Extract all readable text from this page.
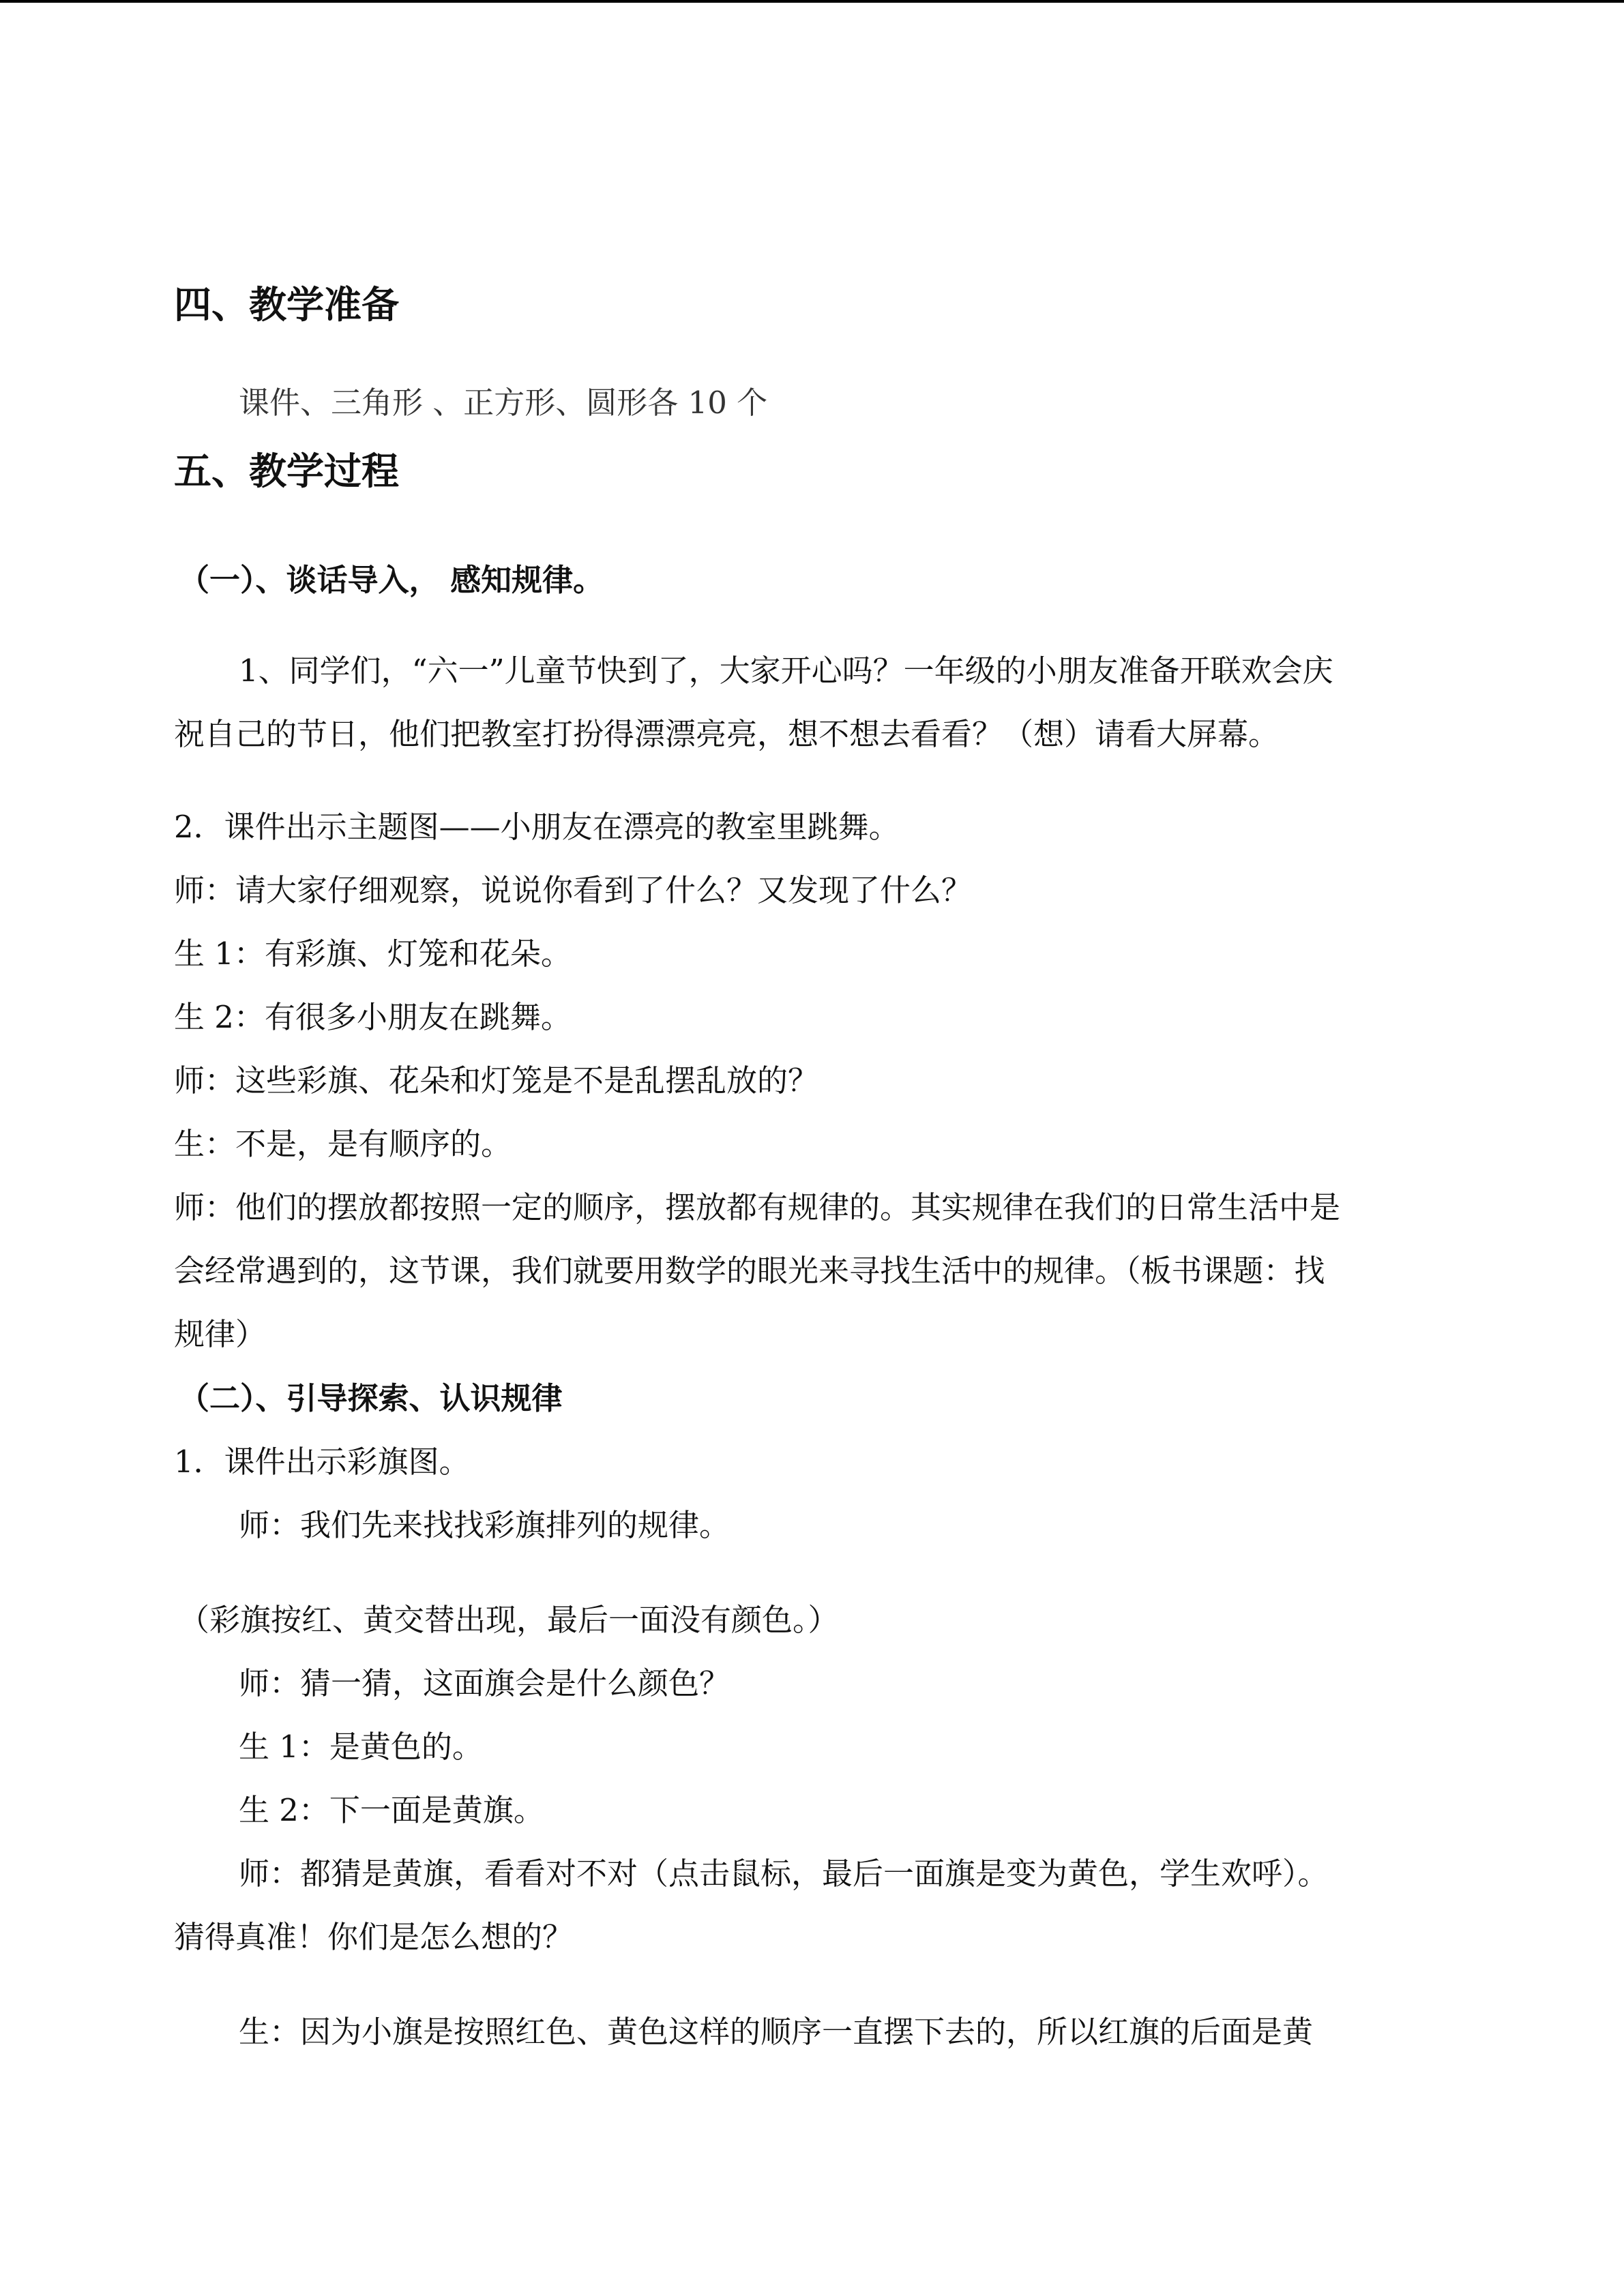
四、教学准备
课件、三角形 、正方形、圆形各 10 个
五、教学过程
（一）、谈话导入， 感知规律。
1、同学们，“六一”儿童节快到了，大家开心吗？一年级的小朋友准备开联欢会庆
祝自己的节日，他们把教室打扮得漂漂亮亮，想不想去看看？（想）请看大屏幕。
2．课件出示主题图——小朋友在漂亮的教室里跳舞。
师：请大家仔细观察，说说你看到了什么？又发现了什么？
生 1：有彩旗、灯笼和花朵。
生 2：有很多小朋友在跳舞。
师：这些彩旗、花朵和灯笼是不是乱摆乱放的？
生：不是，是有顺序的。
师：他们的摆放都按照一定的顺序，摆放都有规律的。其实规律在我们的日常生活中是
会经常遇到的，这节课，我们就要用数学的眼光来寻找生活中的规律。（板书课题：找
规律）
（二）、引导探索、认识规律
1．课件出示彩旗图。
师：我们先来找找彩旗排列的规律。
（彩旗按红、黄交替出现，最后一面没有颜色。）
师：猜一猜，这面旗会是什么颜色？
生 1：是黄色的。
生 2：下一面是黄旗。
师：都猜是黄旗，看看对不对（点击鼠标，最后一面旗是变为黄色，学生欢呼）。
猜得真准！你们是怎么想的？
生：因为小旗是按照红色、黄色这样的顺序一直摆下去的，所以红旗的后面是黄
